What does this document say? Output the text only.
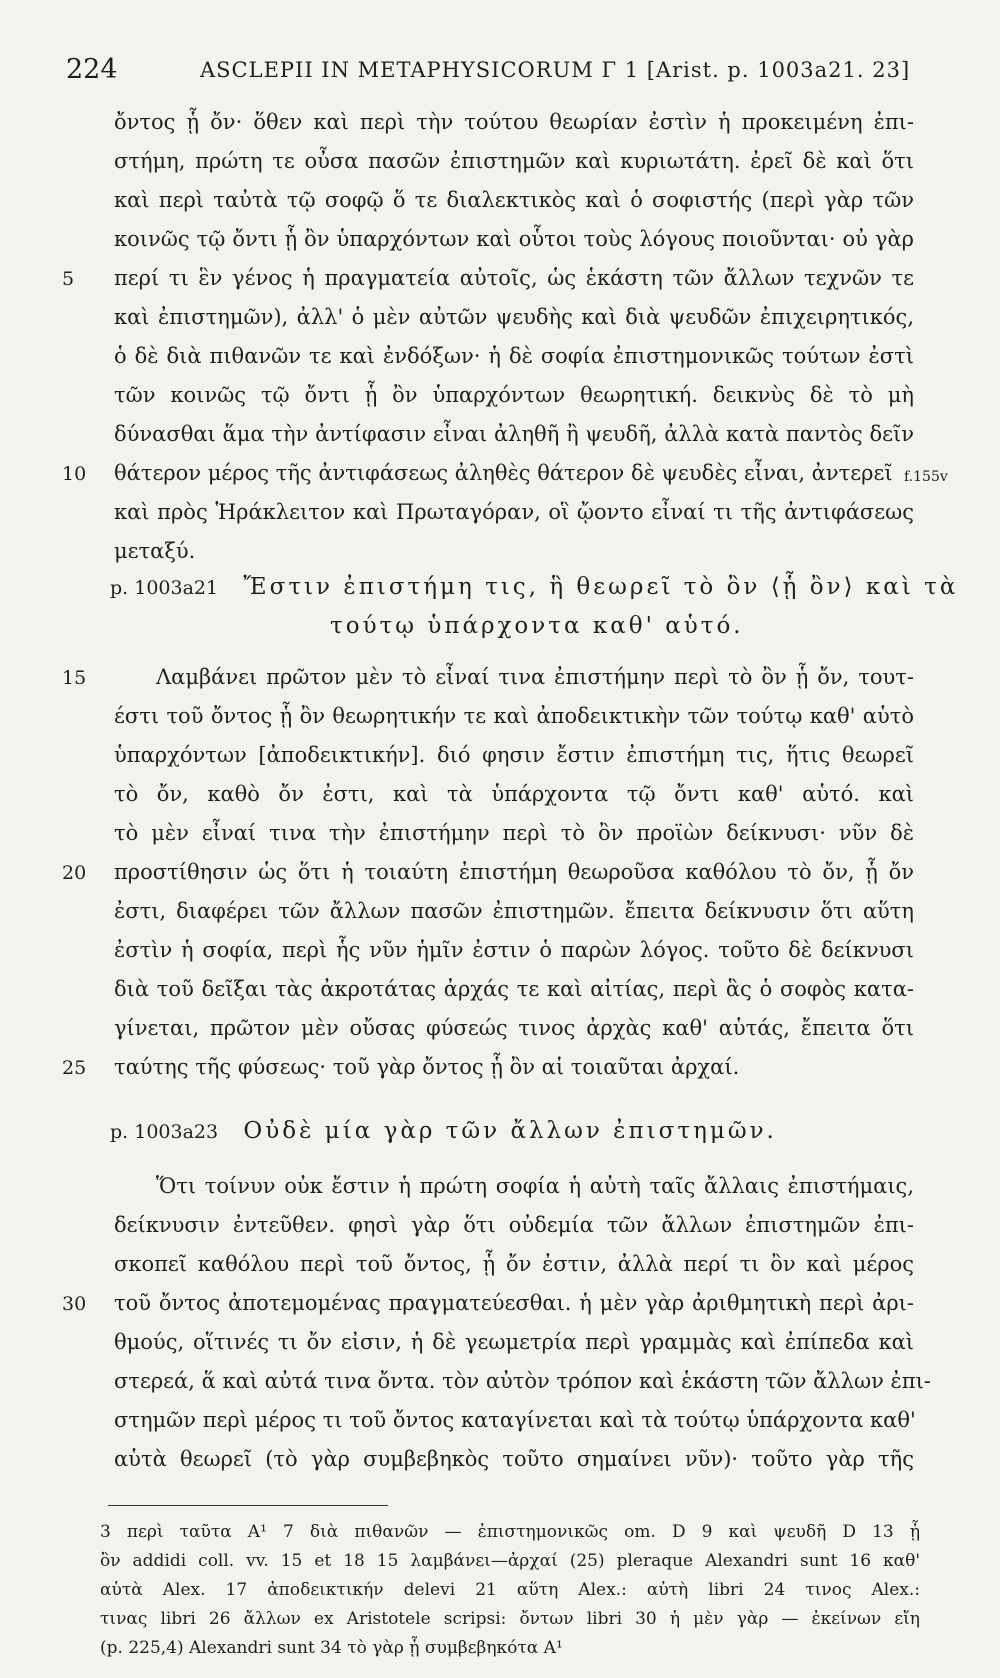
224	ASCLEPII IN METAPHYSICORUM Γ 1 [Arist. p. 1003a21. 23]
ὄντος ᾗ ὄν· ὅθεν καὶ περὶ τὴν τούτου θεωρίαν ἐστὶν ἡ προκειμένη ἐπι-
στήμη, πρώτη τε οὖσα πασῶν ἐπιστημῶν καὶ κυριωτάτη. ἐρεῖ δὲ καὶ ὅτι
καὶ περὶ ταὐτὰ τῷ σοφῷ ὅ τε διαλεκτικὸς καὶ ὁ σοφιστής (περὶ γὰρ τῶν
κοινῶς τῷ ὄντι ᾗ ὂν ὑπαρχόντων καὶ οὗτοι τοὺς λόγους ποιοῦνται· οὐ γὰρ
περί τι ἓν γένος ἡ πραγματεία αὐτοῖς, ὡς ἑκάστη τῶν ἄλλων τεχνῶν τε
καὶ ἐπιστημῶν), ἀλλ' ὁ μὲν αὐτῶν ψευδὴς καὶ διὰ ψευδῶν ἐπιχειρητικός,
ὁ δὲ διὰ πιθανῶν τε καὶ ἐνδόξων· ἡ δὲ σοφία ἐπιστημονικῶς τούτων ἐστὶ
τῶν κοινῶς τῷ ὄντι ᾗ ὂν ὑπαρχόντων θεωρητική. δεικνὺς δὲ τὸ μὴ
δύνασθαι ἅμα τὴν ἀντίφασιν εἶναι ἀληθῆ ἢ ψευδῆ, ἀλλὰ κατὰ παντὸς δεῖν
θάτερον μέρος τῆς ἀντιφάσεως ἀληθὲς θάτερον δὲ ψευδὲς εἶναι, ἀντερεῖ
καὶ πρὸς Ἡράκλειτον καὶ Πρωταγόραν, οἳ ᾤοντο εἶναί τι τῆς ἀντιφάσεως
μεταξύ.
5
10	f.155v
p. 1003a21 Ἔστιν ἐπιστήμη τις, ἣ θεωρεῖ τὸ ὂν ⟨ᾗ ὂν⟩ καὶ τὰ
τούτῳ ὑπάρχοντα καθ' αὑτό.
Λαμβάνει πρῶτον μὲν τὸ εἶναί τινα ἐπιστήμην περὶ τὸ ὂν ᾗ ὄν, τουτ-
έστι τοῦ ὄντος ᾗ ὂν θεωρητικήν τε καὶ ἀποδεικτικὴν τῶν τούτῳ καθ' αὑτὸ
ὑπαρχόντων [ἀποδεικτικήν]. διό φησιν ἔστιν ἐπιστήμη τις, ἥτις θεωρεῖ
τὸ ὄν, καθὸ ὄν ἐστι, καὶ τὰ ὑπάρχοντα τῷ ὄντι καθ' αὑτό. καὶ
τὸ μὲν εἶναί τινα τὴν ἐπιστήμην περὶ τὸ ὂν προϊὼν δείκνυσι· νῦν δὲ
προστίθησιν ὡς ὅτι ἡ τοιαύτη ἐπιστήμη θεωροῦσα καθόλου τὸ ὄν, ᾗ ὄν
ἐστι, διαφέρει τῶν ἄλλων πασῶν ἐπιστημῶν. ἔπειτα δείκνυσιν ὅτι αὕτη
ἐστὶν ἡ σοφία, περὶ ἧς νῦν ἡμῖν ἐστιν ὁ παρὼν λόγος. τοῦτο δὲ δείκνυσι
διὰ τοῦ δεῖξαι τὰς ἀκροτάτας ἀρχάς τε καὶ αἰτίας, περὶ ἃς ὁ σοφὸς κατα-
γίνεται, πρῶτον μὲν οὔσας φύσεώς τινος ἀρχὰς καθ' αὑτάς, ἔπειτα ὅτι
ταύτης τῆς φύσεως· τοῦ γὰρ ὄντος ᾗ ὂν αἱ τοιαῦται ἀρχαί.
15
20
25
p. 1003a23 Οὐδὲ μία γὰρ τῶν ἄλλων ἐπιστημῶν.
Ὅτι τοίνυν οὐκ ἔστιν ἡ πρώτη σοφία ἡ αὐτὴ ταῖς ἄλλαις ἐπιστήμαις,
δείκνυσιν ἐντεῦθεν. φησὶ γὰρ ὅτι οὐδεμία τῶν ἄλλων ἐπιστημῶν ἐπι-
σκοπεῖ καθόλου περὶ τοῦ ὄντος, ᾗ ὄν ἐστιν, ἀλλὰ περί τι ὂν καὶ μέρος
τοῦ ὄντος ἀποτεμομένας πραγματεύεσθαι. ἡ μὲν γὰρ ἀριθμητικὴ περὶ ἀρι-
θμούς, οἵτινές τι ὄν εἰσιν, ἡ δὲ γεωμετρία περὶ γραμμὰς καὶ ἐπίπεδα καὶ
στερεά, ἅ καὶ αὐτά τινα ὄντα. τὸν αὐτὸν τρόπον καὶ ἑκάστη τῶν ἄλλων ἐπι-
στημῶν περὶ μέρος τι τοῦ ὄντος καταγίνεται καὶ τὰ τούτῳ ὑπάρχοντα καθ'
αὑτὰ θεωρεῖ (τὸ γὰρ συμβεβηκὸς τοῦτο σημαίνει νῦν)· τοῦτο γὰρ τῆς
30
3 περὶ ταῦτα A¹ 7 διὰ πιθανῶν — ἐπιστημονικῶς om. D 9 καὶ ψευδῆ D 13 ᾗ
ὂν addidi coll. vv. 15 et 18 15 λαμβάνει—ἀρχαί (25) pleraque Alexandri sunt 16 καθ'
αὑτὰ Alex. 17 ἀποδεικτικήν delevi 21 αὕτη Alex.: αὐτὴ libri 24 τινος Alex.:
τινας libri 26 ἄλλων ex Aristotele scripsi: ὄντων libri 30 ἡ μὲν γὰρ — ἐκείνων εἴη
(p. 225,4) Alexandri sunt 34 τὸ γὰρ ᾗ συμβεβηκότα A¹
